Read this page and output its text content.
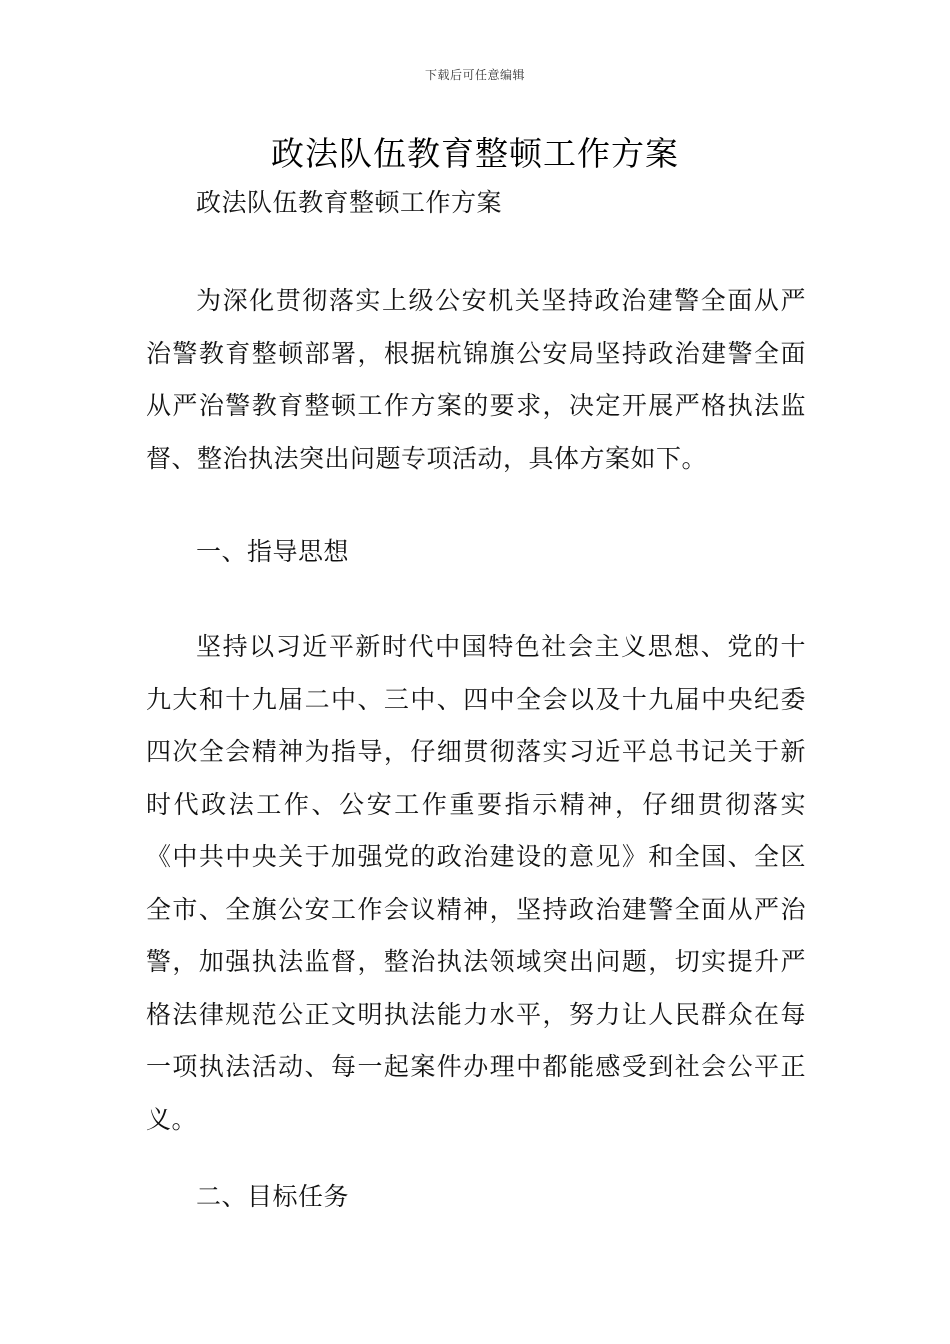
下载后可任意编辑
政法队伍教育整顿工作方案
政法队伍教育整顿工作方案

为深化贯彻落实上级公安机关坚持政治建警全面从严治警教育整顿部署，根据杭锦旗公安局坚持政治建警全面从严治警教育整顿工作方案的要求，决定开展严格执法监督、整治执法突出问题专项活动，具体方案如下。

一、指导思想

坚持以习近平新时代中国特色社会主义思想、党的十九大和十九届二中、三中、四中全会以及十九届中央纪委四次全会精神为指导，仔细贯彻落实习近平总书记关于新时代政法工作、公安工作重要指示精神，仔细贯彻落实《中共中央关于加强党的政治建设的意见》和全国、全区全市、全旗公安工作会议精神，坚持政治建警全面从严治警，加强执法监督，整治执法领域突出问题，切实提升严格法律规范公正文明执法能力水平，努力让人民群众在每一项执法活动、每一起案件办理中都能感受到社会公平正义。

二、目标任务
